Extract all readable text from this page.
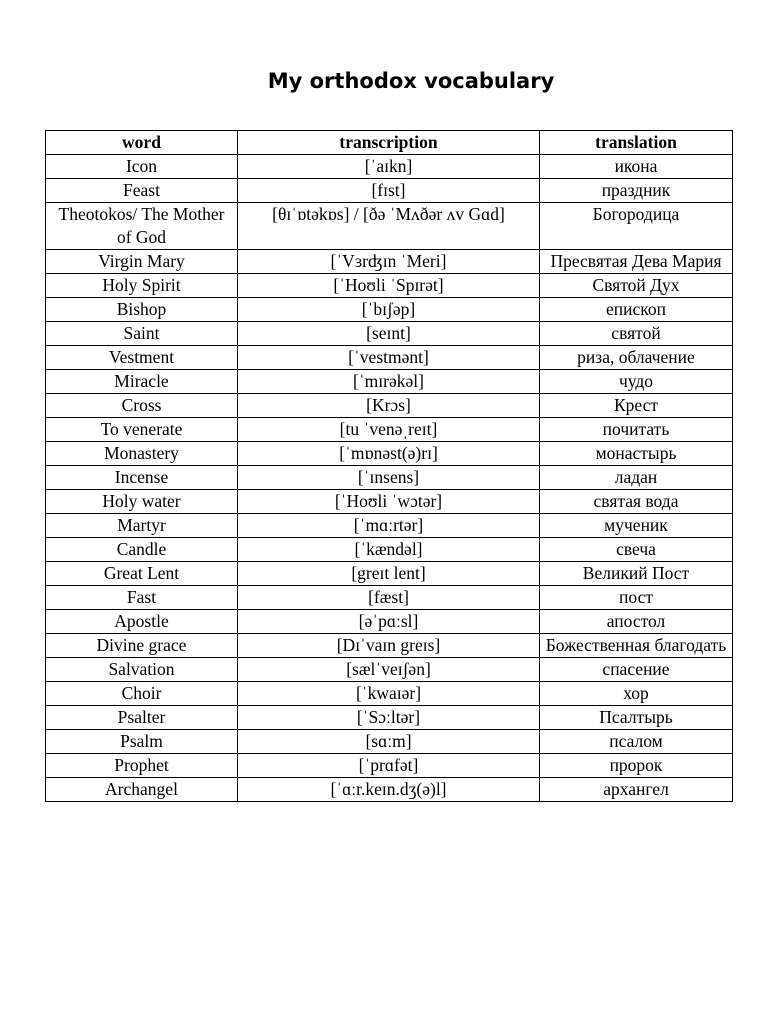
My orthodox vocabulary
word	transcription	translation
Icon	[ˈaɪkn]	икона
Feast	[fɪst]	праздник
Theotokos/ The Mother of God	[θɪˈɒtəkɒs] / [ðə ˈMʌðər ʌv Gɑd]	Богородица
Virgin Mary	[ˈVɜrʤɪn ˈMeri]	Пресвятая Дева Мария
Holy Spirit	[ˈHoʊli ˈSpɪrət]	Святой Дух
Bishop	[ˈbɪʃəp]	епископ
Saint	[seɪnt]	святой
Vestment	[ˈvestmənt]	риза, облачение
Miracle	[ˈmɪrəkəl]	чудо
Cross	[Krɔs]	Крест
To venerate	[tu ˈvenəˌreɪt]	почитать
Monastery	[ˈmɒnəst(ə)rɪ]	монастырь
Incense	[ˈɪnsens]	ладан
Holy water	[ˈHoʊli ˈwɔtər]	святая вода
Martyr	[ˈmɑːrtər]	мученик
Candle	[ˈkændəl]	свеча
Great Lent	[greɪt lent]	Великий Пост
Fast	[fæst]	пост
Apostle	[əˈpɑːsl]	апостол
Divine grace	[Dɪˈvaɪn greɪs]	Божественная благодать
Salvation	[sælˈveɪʃən]	спасение
Choir	[ˈkwaɪər]	хор
Psalter	[ˈSɔːltər]	Псалтырь
Psalm	[sɑːm]	псалом
Prophet	[ˈprɑfət]	пророк
Archangel	[ˈɑːr.keɪn.dʒ(ə)l]	архангел
